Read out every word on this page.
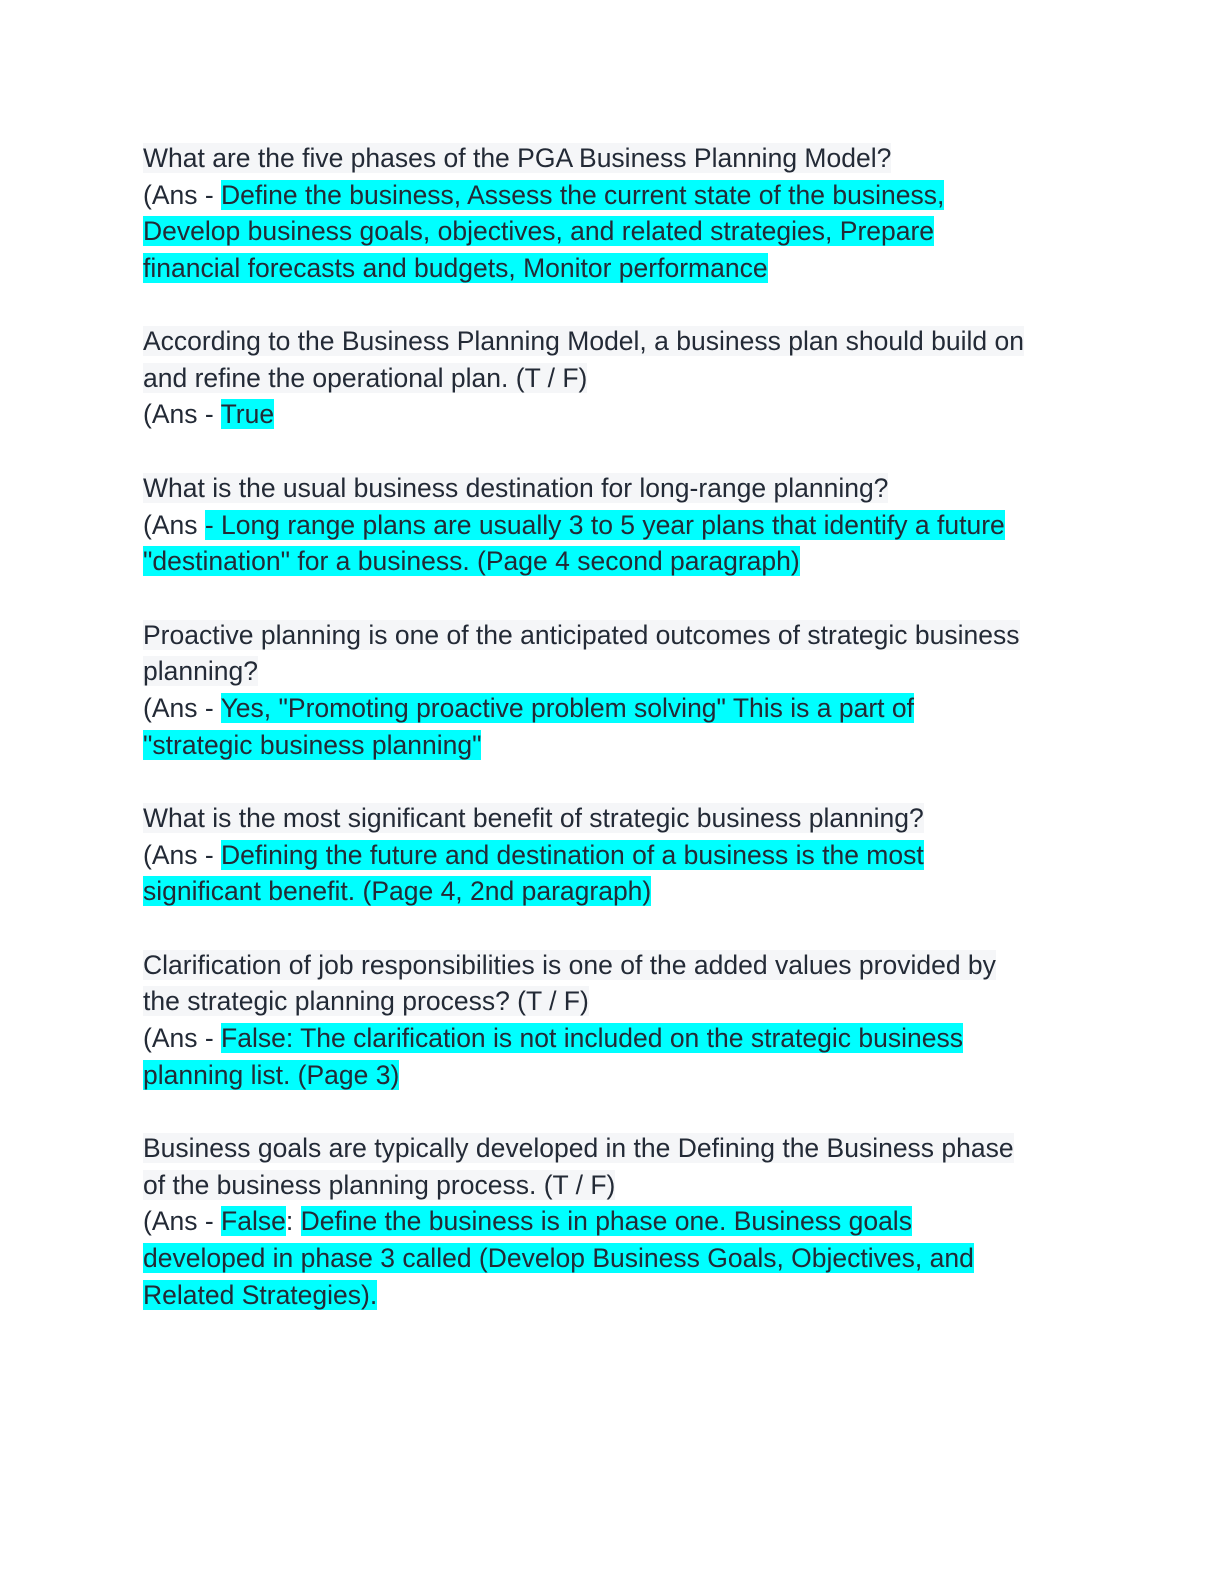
What are the five phases of the PGA Business Planning Model?
(Ans - Define the business, Assess the current state of the business,
Develop business goals, objectives, and related strategies, Prepare
financial forecasts and budgets, Monitor performance
According to the Business Planning Model, a business plan should build on
and refine the operational plan. (T / F)
(Ans - True
What is the usual business destination for long-range planning?
(Ans - Long range plans are usually 3 to 5 year plans that identify a future
"destination" for a business. (Page 4 second paragraph)
Proactive planning is one of the anticipated outcomes of strategic business
planning?
(Ans - Yes, "Promoting proactive problem solving" This is a part of
"strategic business planning"
What is the most significant benefit of strategic business planning?
(Ans - Defining the future and destination of a business is the most
significant benefit. (Page 4, 2nd paragraph)
Clarification of job responsibilities is one of the added values provided by
the strategic planning process? (T / F)
(Ans - False: The clarification is not included on the strategic business
planning list. (Page 3)
Business goals are typically developed in the Defining the Business phase
of the business planning process. (T / F)
(Ans - False: Define the business is in phase one. Business goals
developed in phase 3 called (Develop Business Goals, Objectives, and
Related Strategies).
